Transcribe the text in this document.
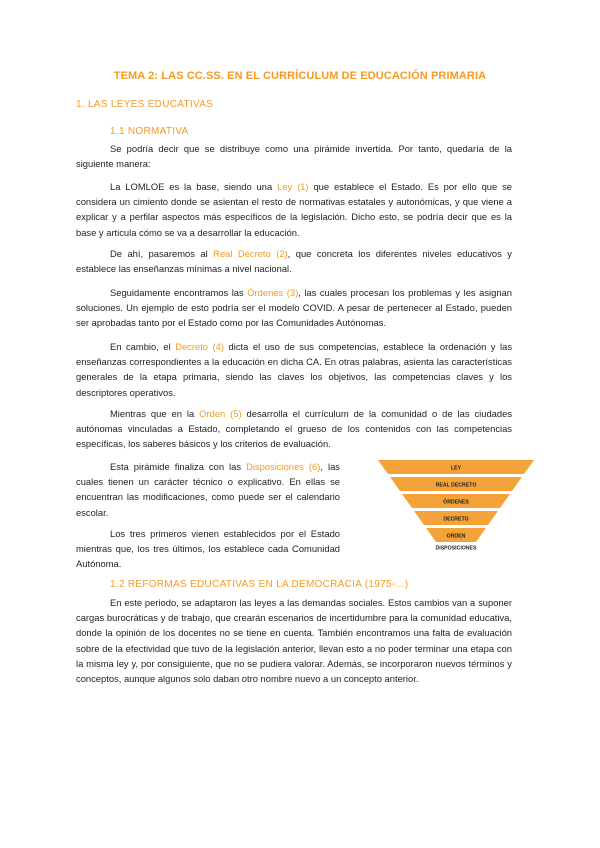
TEMA 2: LAS CC.SS. EN EL CURRÍCULUM DE EDUCACIÓN PRIMARIA
1. LAS LEYES EDUCATIVAS
1.1 NORMATIVA

Se podría decir que se distribuye como una pirámide invertida. Por tanto, quedaría de la siguiente manera:

La LOMLOE es la base, siendo una Ley (1) que establece el Estado. Es por ello que se considera un cimiento donde se asientan el resto de normativas estatales y autonómicas, y que viene a explicar y a perfilar aspectos más específicos de la legislación. Dicho esto, se podría decir que es la base y articula cómo se va a desarrollar la educación.

De ahí, pasaremos al Real Decreto (2), que concreta los diferentes niveles educativos y establece las enseñanzas mínimas a nivel nacional.

Seguidamente encontramos las Órdenes (3), las cuales procesan los problemas y les asignan soluciones. Un ejemplo de esto podría ser el modelo COVID. A pesar de pertenecer al Estado, pueden ser aprobadas tanto por el Estado como por las Comunidades Autónomas.

En cambio, el Decreto (4) dicta el uso de sus competencias, establece la ordenación y las enseñanzas correspondientes a la educación en dicha CA. En otras palabras, asienta las características generales de la etapa primaria, siendo las claves los objetivos, las competencias claves y los descriptores operativos.

Mientras que en la Orden (5) desarrolla el currículum de la comunidad o de las ciudades autónomas vinculadas a Estado, completando el grueso de los contenidos con las competencias específicas, los saberes básicos y los criterios de evaluación.

Esta pirámide finaliza con las Disposiciones (6), las cuales tienen un carácter técnico o explicativo. En ellas se encuentran las modificaciones, como puede ser el calendario escolar.

Los tres primeros vienen establecidos por el Estado mientras que, los tres últimos, los establece cada Comunidad Autónoma.

LEY
REAL DECRETO
ÓRDENES
DECRETO
ORDEN
DISPOSICIONES
1.2 REFORMAS EDUCATIVAS EN LA DEMOCRACIA (1975-...)

En este periodo, se adaptaron las leyes a las demandas sociales. Estos cambios van a suponer cargas burocráticas y de trabajo, que crearán escenarios de incertidumbre para la comunidad educativa, donde la opinión de los docentes no se tiene en cuenta. También encontramos una falta de evaluación sobre de la efectividad que tuvo de la legislación anterior, llevan esto a no poder terminar una etapa con la misma ley y, por consiguiente, que no se pudiera valorar. Además, se incorporaron nuevos términos y conceptos, aunque algunos solo daban otro nombre nuevo a un concepto anterior.
